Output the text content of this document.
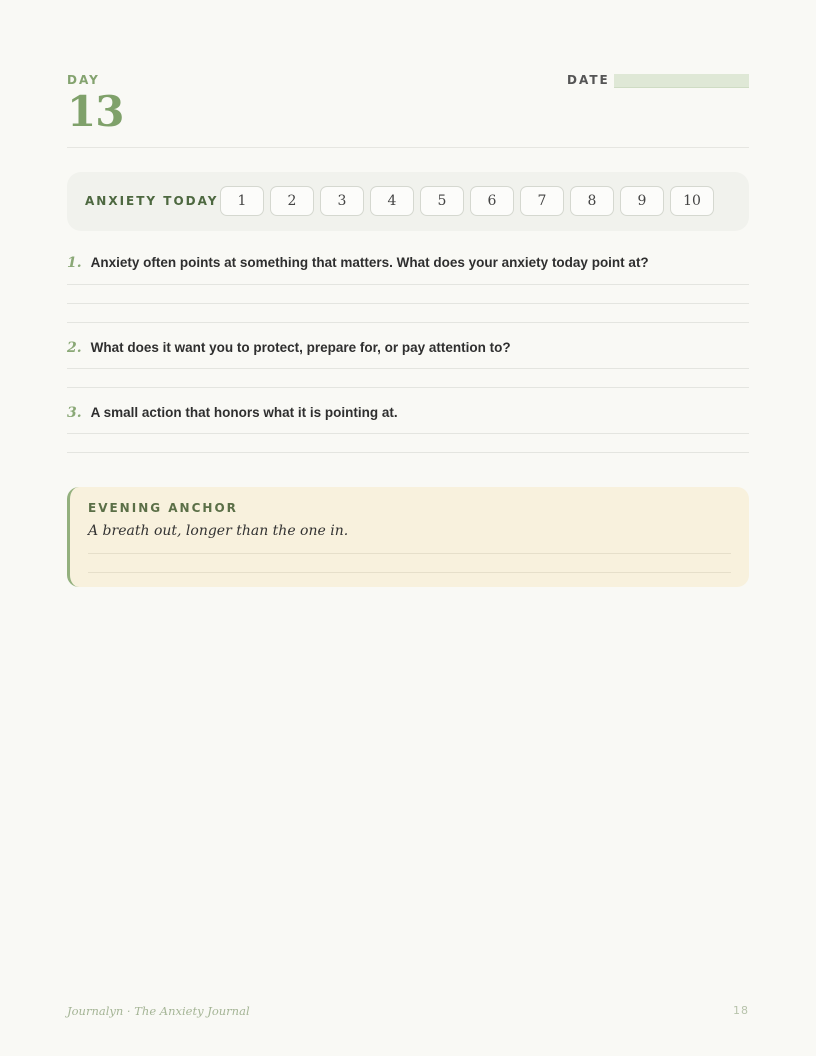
DAY
13
DATE
ANXIETY TODAY	1	2	3	4	5	6	7	8	9	10
1. Anxiety often points at something that matters. What does your anxiety today point at?
2. What does it want you to protect, prepare for, or pay attention to?
3. A small action that honors what it is pointing at.
EVENING ANCHOR
A breath out, longer than the one in.
Journalyn · The Anxiety Journal	18
